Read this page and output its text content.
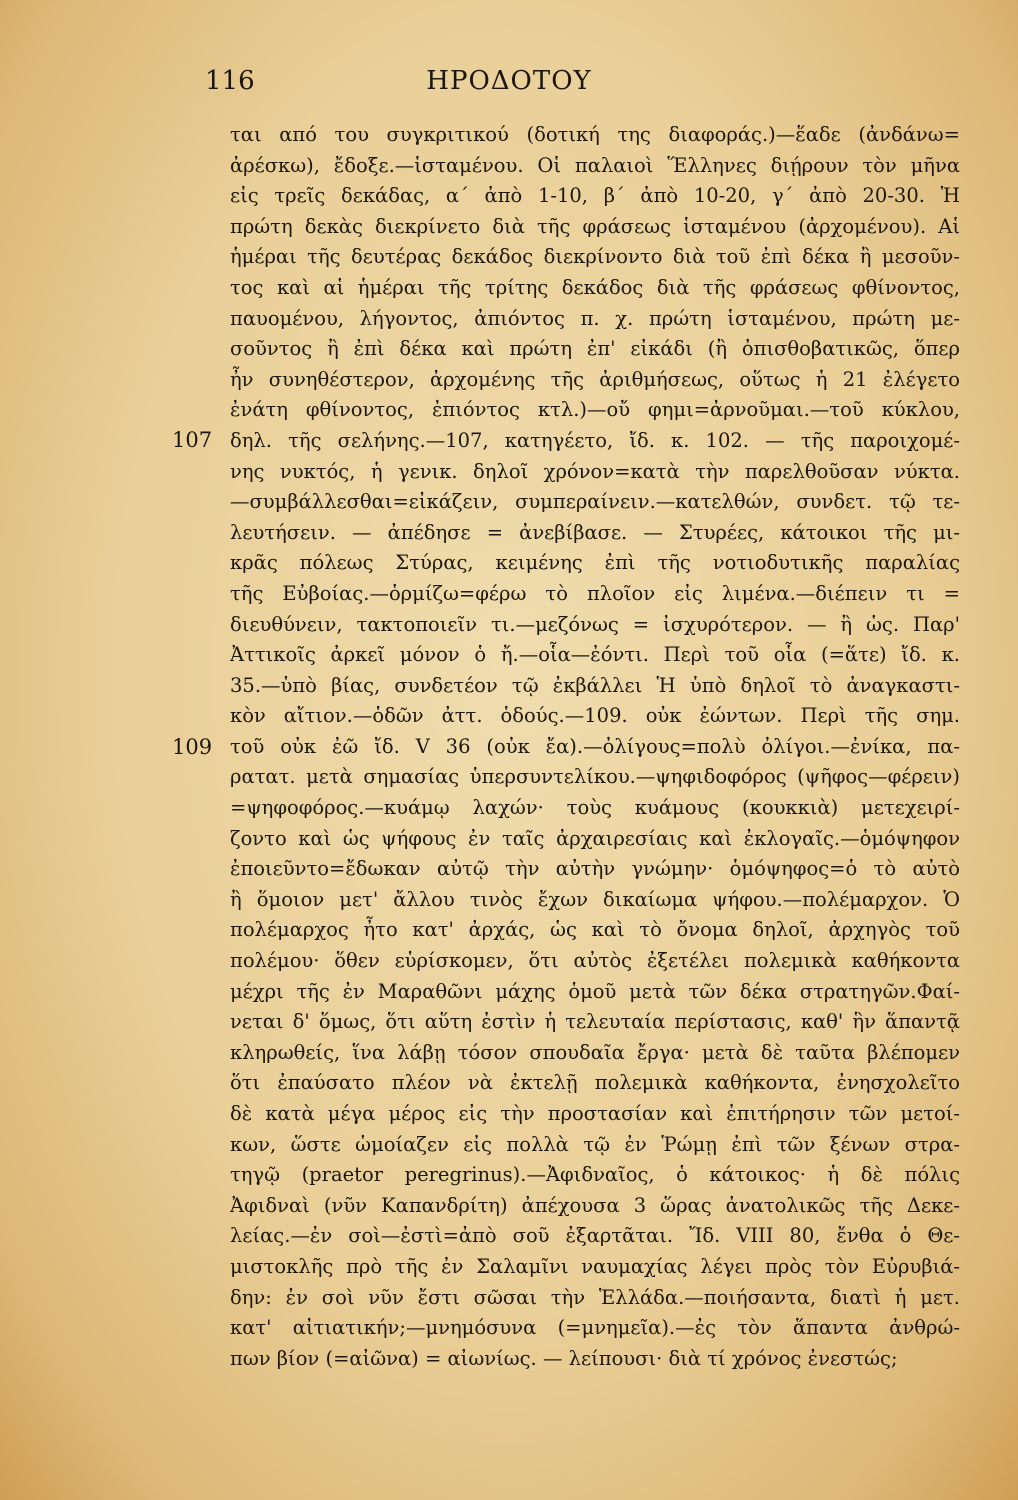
116	ΗΡΟΔΟΤΟΥ
107
109
ται από του συγκριτικού (δοτική της διαφοράς.)—ἕαδε (ἀνδάνω=
ἀρέσκω), ἔδοξε.—ἱσταμένου. Οἱ παλαιοὶ Ἕλληνες διῄρουν τὸν μῆνα
εἰς τρεῖς δεκάδας, α΄ ἀπὸ 1-10, β΄ ἀπὸ 10-20, γ΄ ἀπὸ 20-30. Ἡ
πρώτη δεκὰς διεκρίνετο διὰ τῆς φράσεως ἱσταμένου (ἀρχομένου). Αἱ
ἡμέραι τῆς δευτέρας δεκάδος διεκρίνοντο διὰ τοῦ ἐπὶ δέκα ἢ μεσοῦν-
τος καὶ αἱ ἡμέραι τῆς τρίτης δεκάδος διὰ τῆς φράσεως φθίνοντος,
παυομένου, λήγοντος, ἀπιόντος π. χ. πρώτη ἱσταμένου, πρώτη με-
σοῦντος ἢ ἐπὶ δέκα καὶ πρώτη ἐπ' εἰκάδι (ἢ ὀπισθοβατικῶς, ὅπερ
ἦν συνηθέστερον, ἀρχομένης τῆς ἀριθμήσεως, οὕτως ἡ 21 ἐλέγετο
ἐνάτη φθίνοντος, ἐπιόντος κτλ.)—οὔ φημι=ἀρνοῦμαι.—τοῦ κύκλου,
δηλ. τῆς σελήνης.—107, κατηγέετο, ἴδ. κ. 102. — τῆς παροιχομέ-
νης νυκτός, ἡ γενικ. δηλοῖ χρόνον=κατὰ τὴν παρελθοῦσαν νύκτα.
—συμβάλλεσθαι=εἰκάζειν, συμπεραίνειν.—κατελθών, συνδετ. τῷ τε-
λευτήσειν. — ἀπέδησε = ἀνεβίβασε. — Στυρέες, κάτοικοι τῆς μι-
κρᾶς πόλεως Στύρας, κειμένης ἐπὶ τῆς νοτιοδυτικῆς παραλίας
τῆς Εὐβοίας.—ὁρμίζω=φέρω τὸ πλοῖον εἰς λιμένα.—διέπειν τι =
διευθύνειν, τακτοποιεῖν τι.—μεζόνως = ἰσχυρότερον. — ἢ ὡς. Παρ'
Ἀττικοῖς ἀρκεῖ μόνον ὁ ἤ.—οἷα—ἐόντι. Περὶ τοῦ οἷα (=ἅτε) ἴδ. κ.
35.—ὑπὸ βίας, συνδετέον τῷ ἐκβάλλει Ἡ ὑπὸ δηλοῖ τὸ ἀναγκαστι-
κὸν αἴτιον.—ὁδῶν ἀττ. ὁδούς.—109. οὐκ ἐώντων. Περὶ τῆς σημ.
τοῦ οὐκ ἐῶ ἴδ. V 36 (οὐκ ἔα).—ὀλίγους=πολὺ ὀλίγοι.—ἐνίκα, πα-
ρατατ. μετὰ σημασίας ὑπερσυντελίκου.—ψηφιδοφόρος (ψῆφος—φέρειν)
=ψηφοφόρος.—κυάμῳ λαχών· τοὺς κυάμους (κουκκιὰ) μετεχειρί-
ζοντο καὶ ὡς ψήφους ἐν ταῖς ἀρχαιρεσίαις καὶ ἐκλογαῖς.—ὁμόψηφον
ἐποιεῦντο=ἔδωκαν αὐτῷ τὴν αὐτὴν γνώμην· ὁμόψηφος=ὁ τὸ αὐτὸ
ἢ ὅμοιον μετ' ἄλλου τινὸς ἔχων δικαίωμα ψήφου.—πολέμαρχον. Ὁ
πολέμαρχος ἦτο κατ' ἀρχάς, ὡς καὶ τὸ ὄνομα δηλοῖ, ἀρχηγὸς τοῦ
πολέμου· ὅθεν εὑρίσκομεν, ὅτι αὐτὸς ἐξετέλει πολεμικὰ καθήκοντα
μέχρι τῆς ἐν Μαραθῶνι μάχης ὁμοῦ μετὰ τῶν δέκα στρατηγῶν.Φαί-
νεται δ' ὅμως, ὅτι αὕτη ἐστὶν ἡ τελευταία περίστασις, καθ' ἣν ἅπαντᾷ
κληρωθείς, ἵνα λάβῃ τόσον σπουδαῖα ἔργα· μετὰ δὲ ταῦτα βλέπομεν
ὅτι ἐπαύσατο πλέον νὰ ἐκτελῇ πολεμικὰ καθήκοντα, ἐνησχολεῖτο
δὲ κατὰ μέγα μέρος εἰς τὴν προστασίαν καὶ ἐπιτήρησιν τῶν μετοί-
κων, ὥστε ὡμοίαζεν εἰς πολλὰ τῷ ἐν Ῥώμῃ ἐπὶ τῶν ξένων στρα-
τηγῷ (praetor peregrinus).—Ἀφιδναῖος, ὁ κάτοικος· ἡ δὲ πόλις
Ἀφιδναὶ (νῦν Καπανδρίτη) ἀπέχουσα 3 ὥρας ἀνατολικῶς τῆς Δεκε-
λείας.—ἐν σοὶ—ἐστὶ=ἀπὸ σοῦ ἐξαρτᾶται. Ἴδ. VIII 80, ἔνθα ὁ Θε-
μιστοκλῆς πρὸ τῆς ἐν Σαλαμῖνι ναυμαχίας λέγει πρὸς τὸν Εὐρυβιά-
δην: ἐν σοὶ νῦν ἔστι σῶσαι τὴν Ἑλλάδα.—ποιήσαντα, διατὶ ἡ μετ.
κατ' αἰτιατικήν;—μνημόσυνα (=μνημεῖα).—ἐς τὸν ἅπαντα ἀνθρώ-
πων βίον (=αἰῶνα) = αἰωνίως. — λείπουσι· διὰ τί χρόνος ἐνεστώς;
